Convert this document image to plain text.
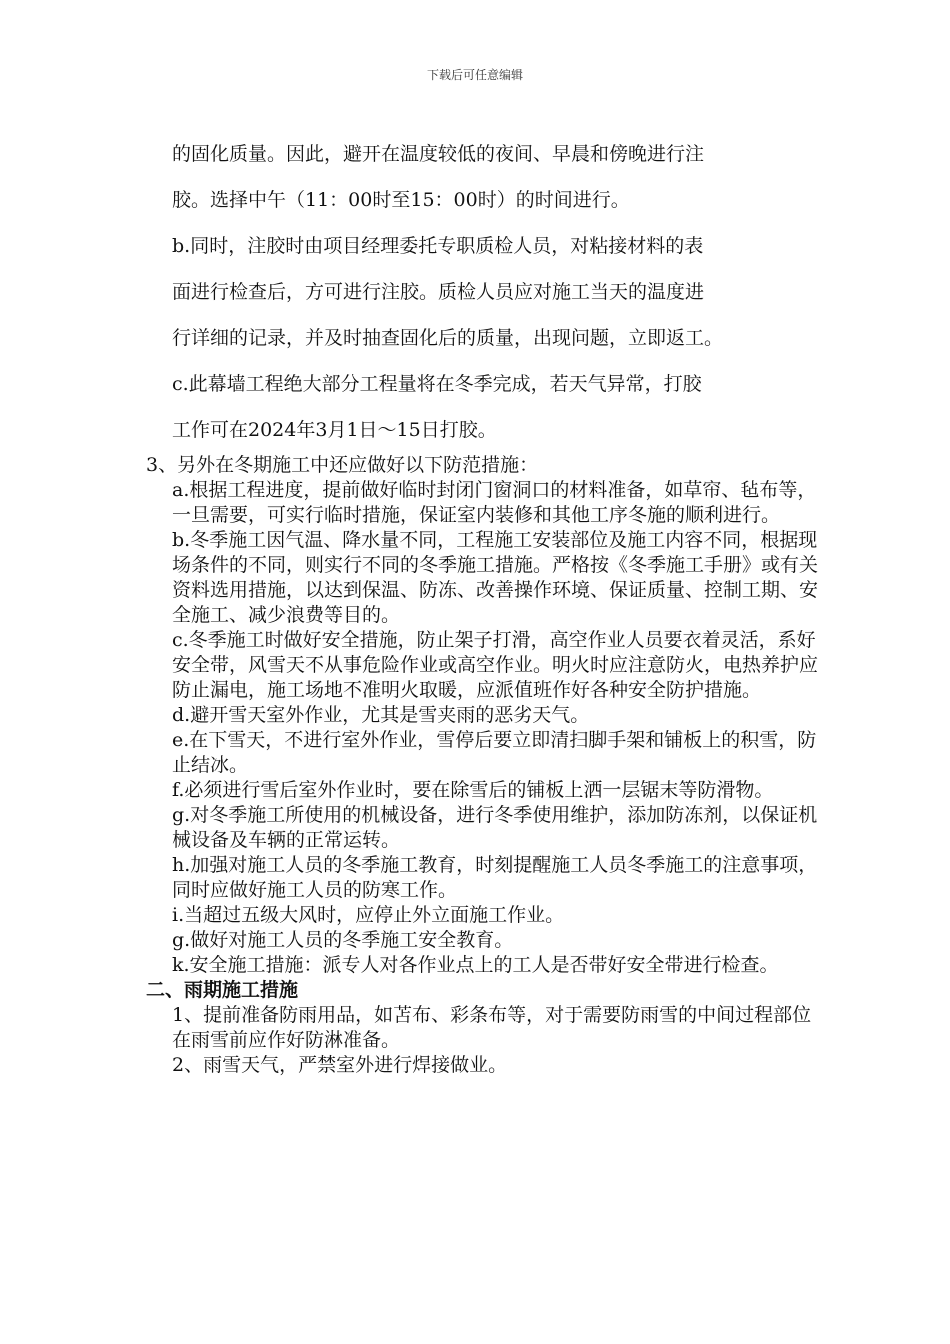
下载后可任意编辑

的固化质量。因此，避开在温度较低的夜间、早晨和傍晚进行注

胶。选择中午（11：00时至15：00时）的时间进行。

b.同时，注胶时由项目经理委托专职质检人员，对粘接材料的表

面进行检查后，方可进行注胶。质检人员应对施工当天的温度进

行详细的记录，并及时抽查固化后的质量，出现问题，立即返工。

c.此幕墙工程绝大部分工程量将在冬季完成，若天气异常，打胶

工作可在2024年3月1日～15日打胶。

3、另外在冬期施工中还应做好以下防范措施：

a.根据工程进度，提前做好临时封闭门窗洞口的材料准备，如草帘、毡布等，一旦需要，可实行临时措施，保证室内装修和其他工序冬施的顺利进行。

b.冬季施工因气温、降水量不同，工程施工安装部位及施工内容不同，根据现场条件的不同，则实行不同的冬季施工措施。严格按《冬季施工手册》或有关资料选用措施，以达到保温、防冻、改善操作环境、保证质量、控制工期、安全施工、减少浪费等目的。

c.冬季施工时做好安全措施，防止架子打滑，高空作业人员要衣着灵活，系好安全带，风雪天不从事危险作业或高空作业。明火时应注意防火，电热养护应防止漏电，施工场地不准明火取暖，应派值班作好各种安全防护措施。

d.避开雪天室外作业，尤其是雪夹雨的恶劣天气。

e.在下雪天，不进行室外作业，雪停后要立即清扫脚手架和铺板上的积雪，防止结冰。

f.必须进行雪后室外作业时，要在除雪后的铺板上洒一层锯末等防滑物。

g.对冬季施工所使用的机械设备，进行冬季使用维护，添加防冻剂，以保证机械设备及车辆的正常运转。

h.加强对施工人员的冬季施工教育，时刻提醒施工人员冬季施工的注意事项，同时应做好施工人员的防寒工作。

i.当超过五级大风时，应停止外立面施工作业。

g.做好对施工人员的冬季施工安全教育。

k.安全施工措施：派专人对各作业点上的工人是否带好安全带进行检查。

二、雨期施工措施

1、提前准备防雨用品，如苫布、彩条布等，对于需要防雨雪的中间过程部位在雨雪前应作好防淋准备。

2、雨雪天气，严禁室外进行焊接做业。
